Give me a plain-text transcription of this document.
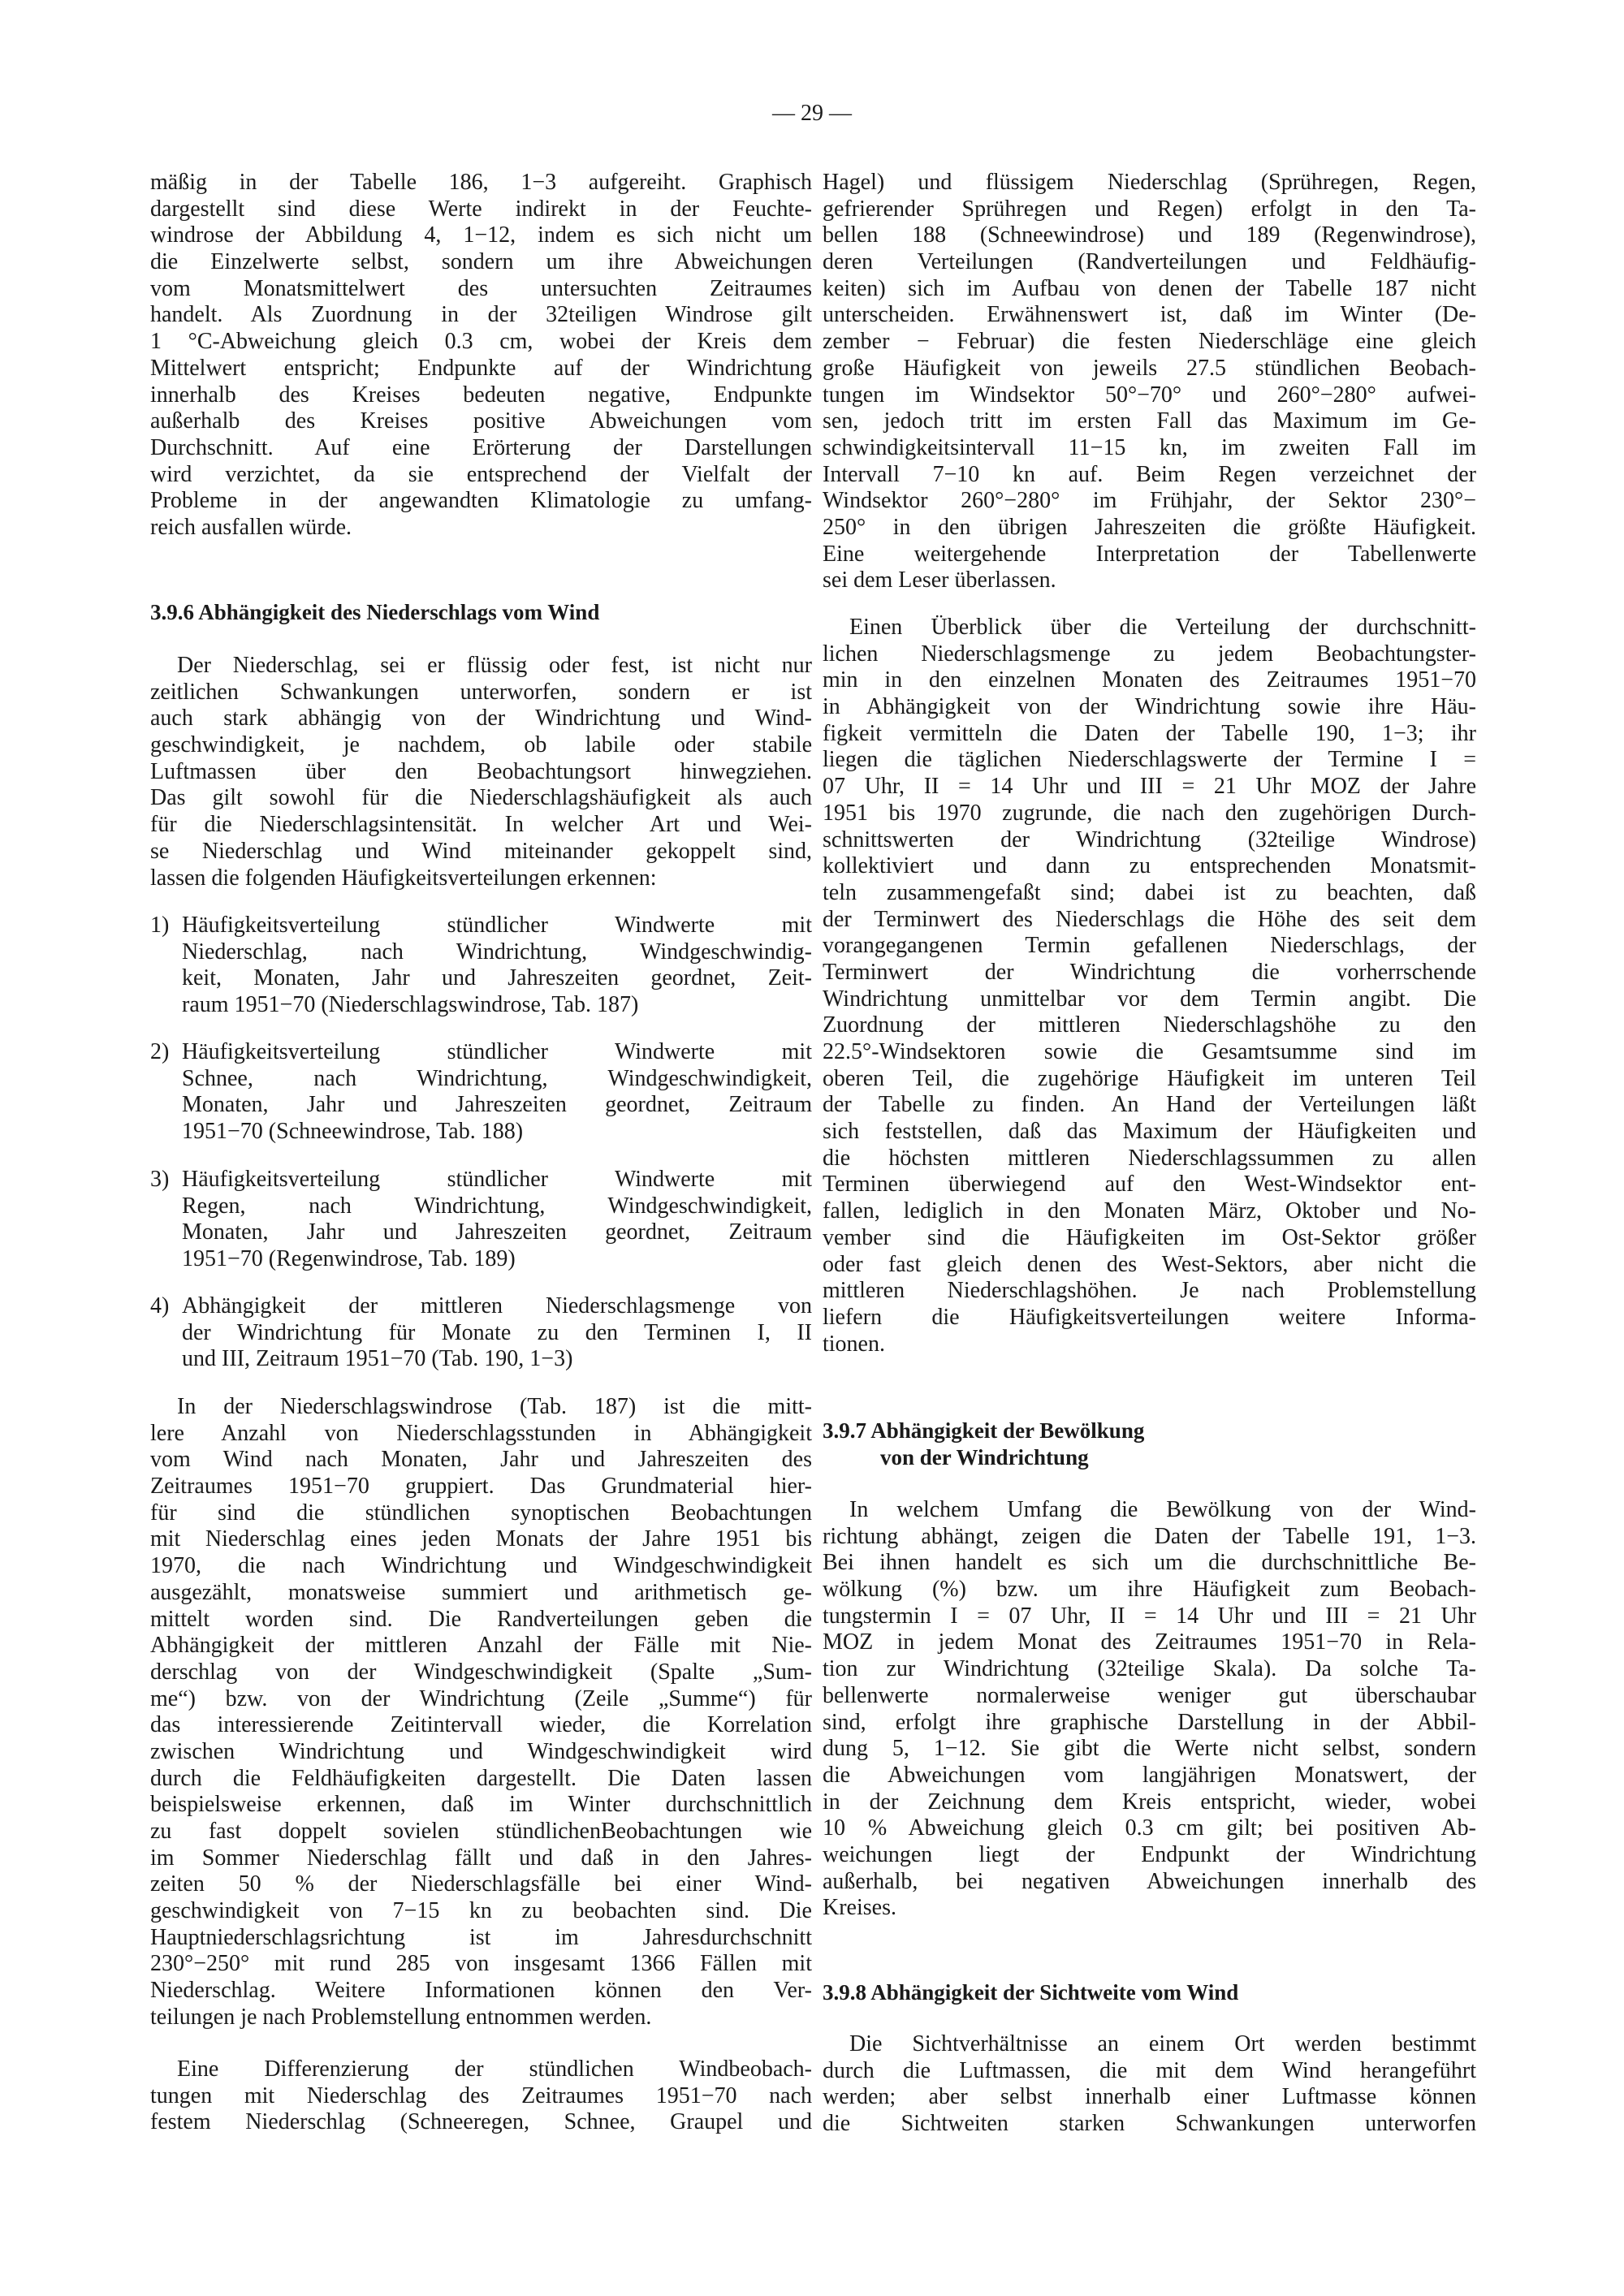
— 29 —
mäßig in der Tabelle 186, 1−3 aufgereiht. Graphisch
dargestellt sind diese Werte indirekt in der Feuchte-
windrose der Abbildung 4, 1−12, indem es sich nicht um
die Einzelwerte selbst, sondern um ihre Abweichungen
vom Monatsmittelwert des untersuchten Zeitraumes
handelt. Als Zuordnung in der 32teiligen Windrose gilt
1 °C-Abweichung gleich 0.3 cm, wobei der Kreis dem
Mittelwert entspricht; Endpunkte auf der Windrichtung
innerhalb des Kreises bedeuten negative, Endpunkte
außerhalb des Kreises positive Abweichungen vom
Durchschnitt. Auf eine Erörterung der Darstellungen
wird verzichtet, da sie entsprechend der Vielfalt der
Probleme in der angewandten Klimatologie zu umfang-
reich ausfallen würde.
3.9.6 Abhängigkeit des Niederschlags vom Wind
Der Niederschlag, sei er flüssig oder fest, ist nicht nur
zeitlichen Schwankungen unterworfen, sondern er ist
auch stark abhängig von der Windrichtung und Wind-
geschwindigkeit, je nachdem, ob labile oder stabile
Luftmassen über den Beobachtungsort hinwegziehen.
Das gilt sowohl für die Niederschlagshäufigkeit als auch
für die Niederschlagsintensität. In welcher Art und Wei-
se Niederschlag und Wind miteinander gekoppelt sind,
lassen die folgenden Häufigkeitsverteilungen erkennen:
1) Häufigkeitsverteilung stündlicher Windwerte mit
Niederschlag, nach Windrichtung, Windgeschwindig-
keit, Monaten, Jahr und Jahreszeiten geordnet, Zeit-
raum 1951−70 (Niederschlagswindrose, Tab. 187)
2) Häufigkeitsverteilung stündlicher Windwerte mit
Schnee, nach Windrichtung, Windgeschwindigkeit,
Monaten, Jahr und Jahreszeiten geordnet, Zeitraum
1951−70 (Schneewindrose, Tab. 188)
3) Häufigkeitsverteilung stündlicher Windwerte mit
Regen, nach Windrichtung, Windgeschwindigkeit,
Monaten, Jahr und Jahreszeiten geordnet, Zeitraum
1951−70 (Regenwindrose, Tab. 189)
4) Abhängigkeit der mittleren Niederschlagsmenge von
der Windrichtung für Monate zu den Terminen I, II
und III, Zeitraum 1951−70 (Tab. 190, 1−3)
In der Niederschlagswindrose (Tab. 187) ist die mitt-
lere Anzahl von Niederschlagsstunden in Abhängigkeit
vom Wind nach Monaten, Jahr und Jahreszeiten des
Zeitraumes 1951−70 gruppiert. Das Grundmaterial hier-
für sind die stündlichen synoptischen Beobachtungen
mit Niederschlag eines jeden Monats der Jahre 1951 bis
1970, die nach Windrichtung und Windgeschwindigkeit
ausgezählt, monatsweise summiert und arithmetisch ge-
mittelt worden sind. Die Randverteilungen geben die
Abhängigkeit der mittleren Anzahl der Fälle mit Nie-
derschlag von der Windgeschwindigkeit (Spalte „Sum-
me“) bzw. von der Windrichtung (Zeile „Summe“) für
das interessierende Zeitintervall wieder, die Korrelation
zwischen Windrichtung und Windgeschwindigkeit wird
durch die Feldhäufigkeiten dargestellt. Die Daten lassen
beispielsweise erkennen, daß im Winter durchschnittlich
zu fast doppelt sovielen stündlichenBeobachtungen wie
im Sommer Niederschlag fällt und daß in den Jahres-
zeiten 50 % der Niederschlagsfälle bei einer Wind-
geschwindigkeit von 7−15 kn zu beobachten sind. Die
Hauptniederschlagsrichtung ist im Jahresdurchschnitt
230°−250° mit rund 285 von insgesamt 1366 Fällen mit
Niederschlag. Weitere Informationen können den Ver-
teilungen je nach Problemstellung entnommen werden.
Eine Differenzierung der stündlichen Windbeobach-
tungen mit Niederschlag des Zeitraumes 1951−70 nach
festem Niederschlag (Schneeregen, Schnee, Graupel und
Hagel) und flüssigem Niederschlag (Sprühregen, Regen,
gefrierender Sprühregen und Regen) erfolgt in den Ta-
bellen 188 (Schneewindrose) und 189 (Regenwindrose),
deren Verteilungen (Randverteilungen und Feldhäufig-
keiten) sich im Aufbau von denen der Tabelle 187 nicht
unterscheiden. Erwähnenswert ist, daß im Winter (De-
zember − Februar) die festen Niederschläge eine gleich
große Häufigkeit von jeweils 27.5 stündlichen Beobach-
tungen im Windsektor 50°−70° und 260°−280° aufwei-
sen, jedoch tritt im ersten Fall das Maximum im Ge-
schwindigkeitsintervall 11−15 kn, im zweiten Fall im
Intervall 7−10 kn auf. Beim Regen verzeichnet der
Windsektor 260°−280° im Frühjahr, der Sektor 230°−
250° in den übrigen Jahreszeiten die größte Häufigkeit.
Eine weitergehende Interpretation der Tabellenwerte
sei dem Leser überlassen.
Einen Überblick über die Verteilung der durchschnitt-
lichen Niederschlagsmenge zu jedem Beobachtungster-
min in den einzelnen Monaten des Zeitraumes 1951−70
in Abhängigkeit von der Windrichtung sowie ihre Häu-
figkeit vermitteln die Daten der Tabelle 190, 1−3; ihr
liegen die täglichen Niederschlagswerte der Termine I =
07 Uhr, II = 14 Uhr und III = 21 Uhr MOZ der Jahre
1951 bis 1970 zugrunde, die nach den zugehörigen Durch-
schnittswerten der Windrichtung (32teilige Windrose)
kollektiviert und dann zu entsprechenden Monatsmit-
teln zusammengefaßt sind; dabei ist zu beachten, daß
der Terminwert des Niederschlags die Höhe des seit dem
vorangegangenen Termin gefallenen Niederschlags, der
Terminwert der Windrichtung die vorherrschende
Windrichtung unmittelbar vor dem Termin angibt. Die
Zuordnung der mittleren Niederschlagshöhe zu den
22.5°-Windsektoren sowie die Gesamtsumme sind im
oberen Teil, die zugehörige Häufigkeit im unteren Teil
der Tabelle zu finden. An Hand der Verteilungen läßt
sich feststellen, daß das Maximum der Häufigkeiten und
die höchsten mittleren Niederschlagssummen zu allen
Terminen überwiegend auf den West-Windsektor ent-
fallen, lediglich in den Monaten März, Oktober und No-
vember sind die Häufigkeiten im Ost-Sektor größer
oder fast gleich denen des West-Sektors, aber nicht die
mittleren Niederschlagshöhen. Je nach Problemstellung
liefern die Häufigkeitsverteilungen weitere Informa-
tionen.
3.9.7 Abhängigkeit der Bewölkung
von der Windrichtung
In welchem Umfang die Bewölkung von der Wind-
richtung abhängt, zeigen die Daten der Tabelle 191, 1−3.
Bei ihnen handelt es sich um die durchschnittliche Be-
wölkung (%) bzw. um ihre Häufigkeit zum Beobach-
tungstermin I = 07 Uhr, II = 14 Uhr und III = 21 Uhr
MOZ in jedem Monat des Zeitraumes 1951−70 in Rela-
tion zur Windrichtung (32teilige Skala). Da solche Ta-
bellenwerte normalerweise weniger gut überschaubar
sind, erfolgt ihre graphische Darstellung in der Abbil-
dung 5, 1−12. Sie gibt die Werte nicht selbst, sondern
die Abweichungen vom langjährigen Monatswert, der
in der Zeichnung dem Kreis entspricht, wieder, wobei
10 % Abweichung gleich 0.3 cm gilt; bei positiven Ab-
weichungen liegt der Endpunkt der Windrichtung
außerhalb, bei negativen Abweichungen innerhalb des
Kreises.
3.9.8 Abhängigkeit der Sichtweite vom Wind
Die Sichtverhältnisse an einem Ort werden bestimmt
durch die Luftmassen, die mit dem Wind herangeführt
werden; aber selbst innerhalb einer Luftmasse können
die Sichtweiten starken Schwankungen unterworfen
